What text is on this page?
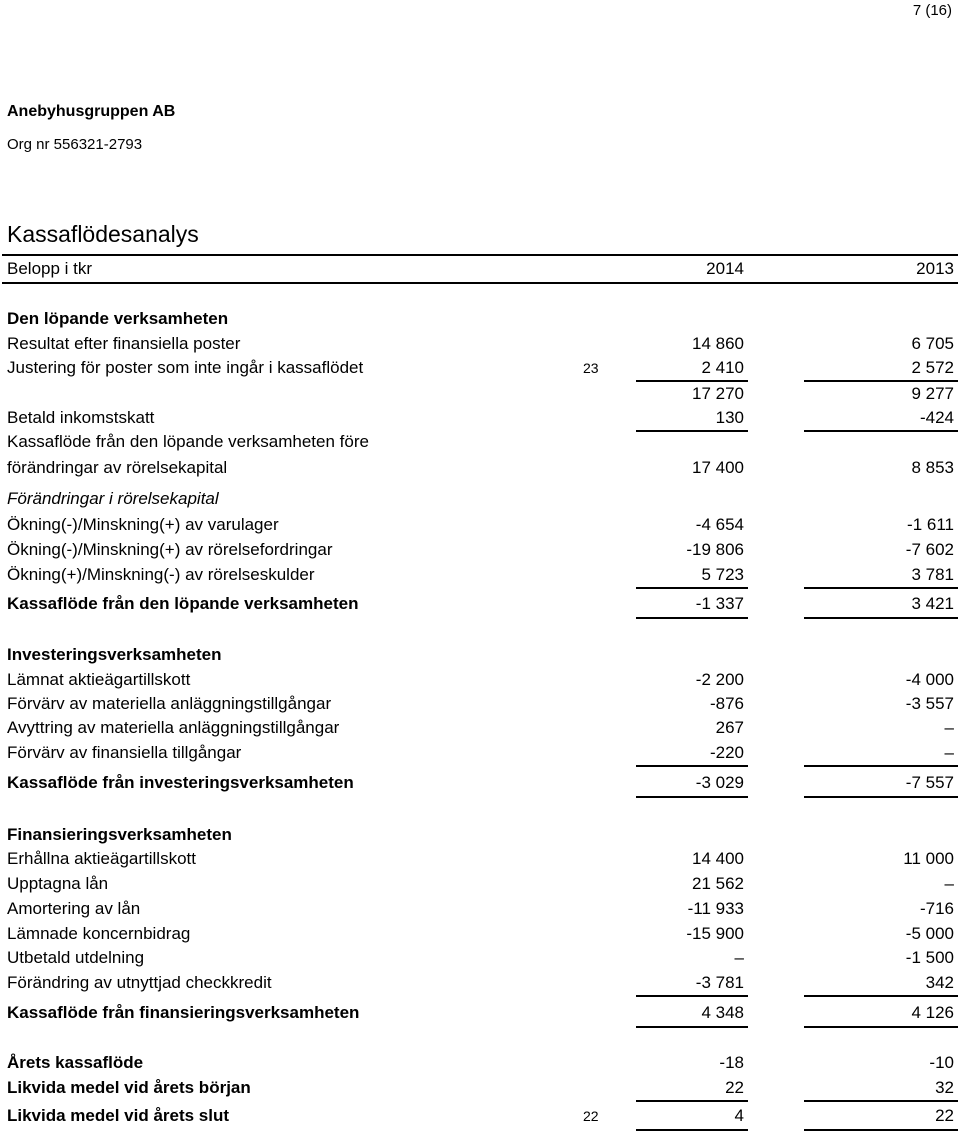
7 (16)
Anebyhusgruppen AB
Org nr 556321-2793
Kassaflödesanalys
Belopp i tkr	2014	2013
Den löpande verksamheten
Resultat efter finansiella poster	14 860	6 705
Justering för poster som inte ingår i kassaflödet	23	2 410	2 572
17 270	9 277
Betald inkomstskatt	130	-424
Kassaflöde från den löpande verksamheten före
förändringar av rörelsekapital	17 400	8 853
Förändringar i rörelsekapital
Ökning(-)/Minskning(+) av varulager	-4 654	-1 611
Ökning(-)/Minskning(+) av rörelsefordringar	-19 806	-7 602
Ökning(+)/Minskning(-) av rörelseskulder	5 723	3 781
Kassaflöde från den löpande verksamheten	-1 337	3 421
Investeringsverksamheten
Lämnat aktieägartillskott	-2 200	-4 000
Förvärv av materiella anläggningstillgångar	-876	-3 557
Avyttring av materiella anläggningstillgångar	267	–
Förvärv av finansiella tillgångar	-220	–
Kassaflöde från investeringsverksamheten	-3 029	-7 557
Finansieringsverksamheten
Erhållna aktieägartillskott	14 400	11 000
Upptagna lån	21 562	–
Amortering av lån	-11 933	-716
Lämnade koncernbidrag	-15 900	-5 000
Utbetald utdelning	–	-1 500
Förändring av utnyttjad checkkredit	-3 781	342
Kassaflöde från finansieringsverksamheten	4 348	4 126
Årets kassaflöde	-18	-10
Likvida medel vid årets början	22	32
Likvida medel vid årets slut	22	4	22
